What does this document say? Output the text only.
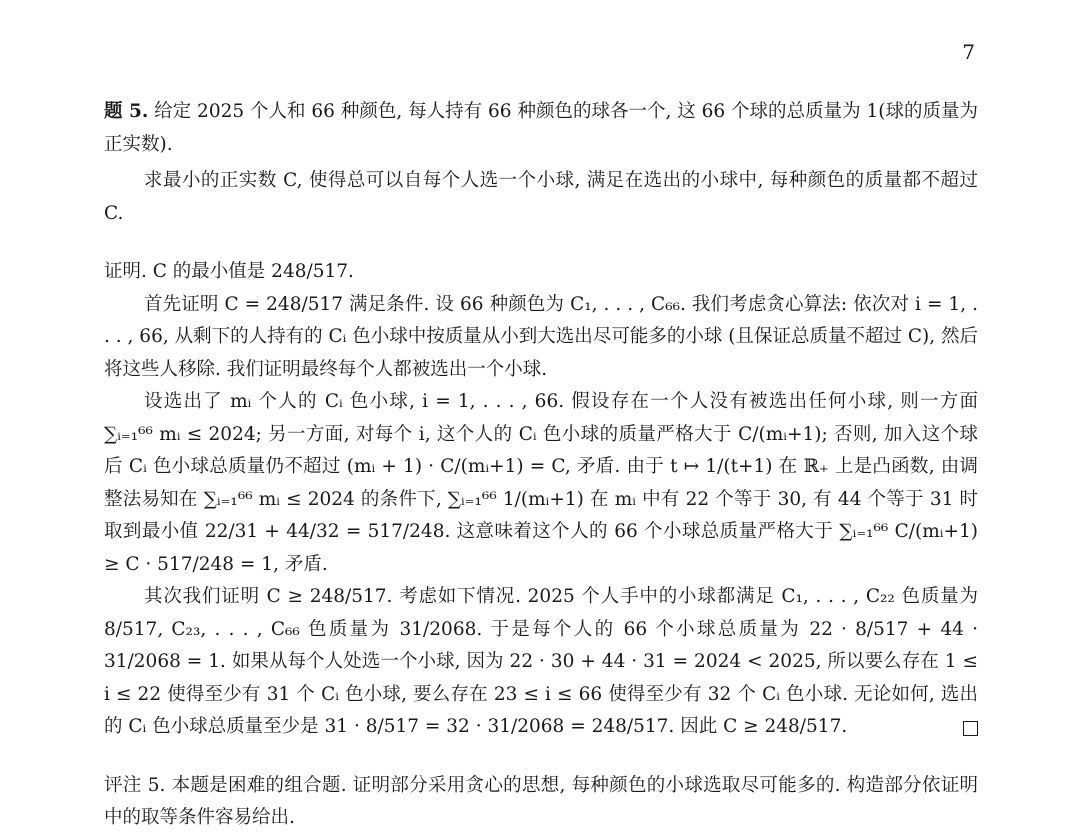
7

题 5. 给定 2025 个人和 66 种颜色, 每人持有 66 种颜色的球各一个, 这 66 个球的总质量为 1(球的质量为正实数).

求最小的正实数 C, 使得总可以自每个人选一个小球, 满足在选出的小球中, 每种颜色的质量都不超过 C.

证明. C 的最小值是 248/517.

首先证明 C = 248/517 满足条件. 设 66 种颜色为 C₁, . . . , C₆₆. 我们考虑贪心算法: 依次对 i = 1, . . . , 66, 从剩下的人持有的 Cᵢ 色小球中按质量从小到大选出尽可能多的小球 (且保证总质量不超过 C), 然后将这些人移除. 我们证明最终每个人都被选出一个小球.

设选出了 mᵢ 个人的 Cᵢ 色小球, i = 1, . . . , 66. 假设存在一个人没有被选出任何小球, 则一方面 ∑ᵢ₌₁⁶⁶ mᵢ ≤ 2024; 另一方面, 对每个 i, 这个人的 Cᵢ 色小球的质量严格大于 C/(mᵢ+1); 否则, 加入这个球后 Cᵢ 色小球总质量仍不超过 (mᵢ + 1) · C/(mᵢ+1) = C, 矛盾. 由于 t ↦ 1/(t+1) 在 ℝ₊ 上是凸函数, 由调整法易知在 ∑ᵢ₌₁⁶⁶ mᵢ ≤ 2024 的条件下, ∑ᵢ₌₁⁶⁶ 1/(mᵢ+1) 在 mᵢ 中有 22 个等于 30, 有 44 个等于 31 时取到最小值 22/31 + 44/32 = 517/248. 这意味着这个人的 66 个小球总质量严格大于 ∑ᵢ₌₁⁶⁶ C/(mᵢ+1) ≥ C · 517/248 = 1, 矛盾.

其次我们证明 C ≥ 248/517. 考虑如下情况. 2025 个人手中的小球都满足 C₁, . . . , C₂₂ 色质量为 8/517, C₂₃, . . . , C₆₆ 色质量为 31/2068. 于是每个人的 66 个小球总质量为 22 · 8/517 + 44 · 31/2068 = 1. 如果从每个人处选一个小球, 因为 22 · 30 + 44 · 31 = 2024 < 2025, 所以要么存在 1 ≤ i ≤ 22 使得至少有 31 个 Cᵢ 色小球, 要么存在 23 ≤ i ≤ 66 使得至少有 32 个 Cᵢ 色小球. 无论如何, 选出的 Cᵢ 色小球总质量至少是 31 · 8/517 = 32 · 31/2068 = 248/517. 因此 C ≥ 248/517.

评注 5. 本题是困难的组合题. 证明部分采用贪心的思想, 每种颜色的小球选取尽可能多的. 构造部分依证明中的取等条件容易给出.
